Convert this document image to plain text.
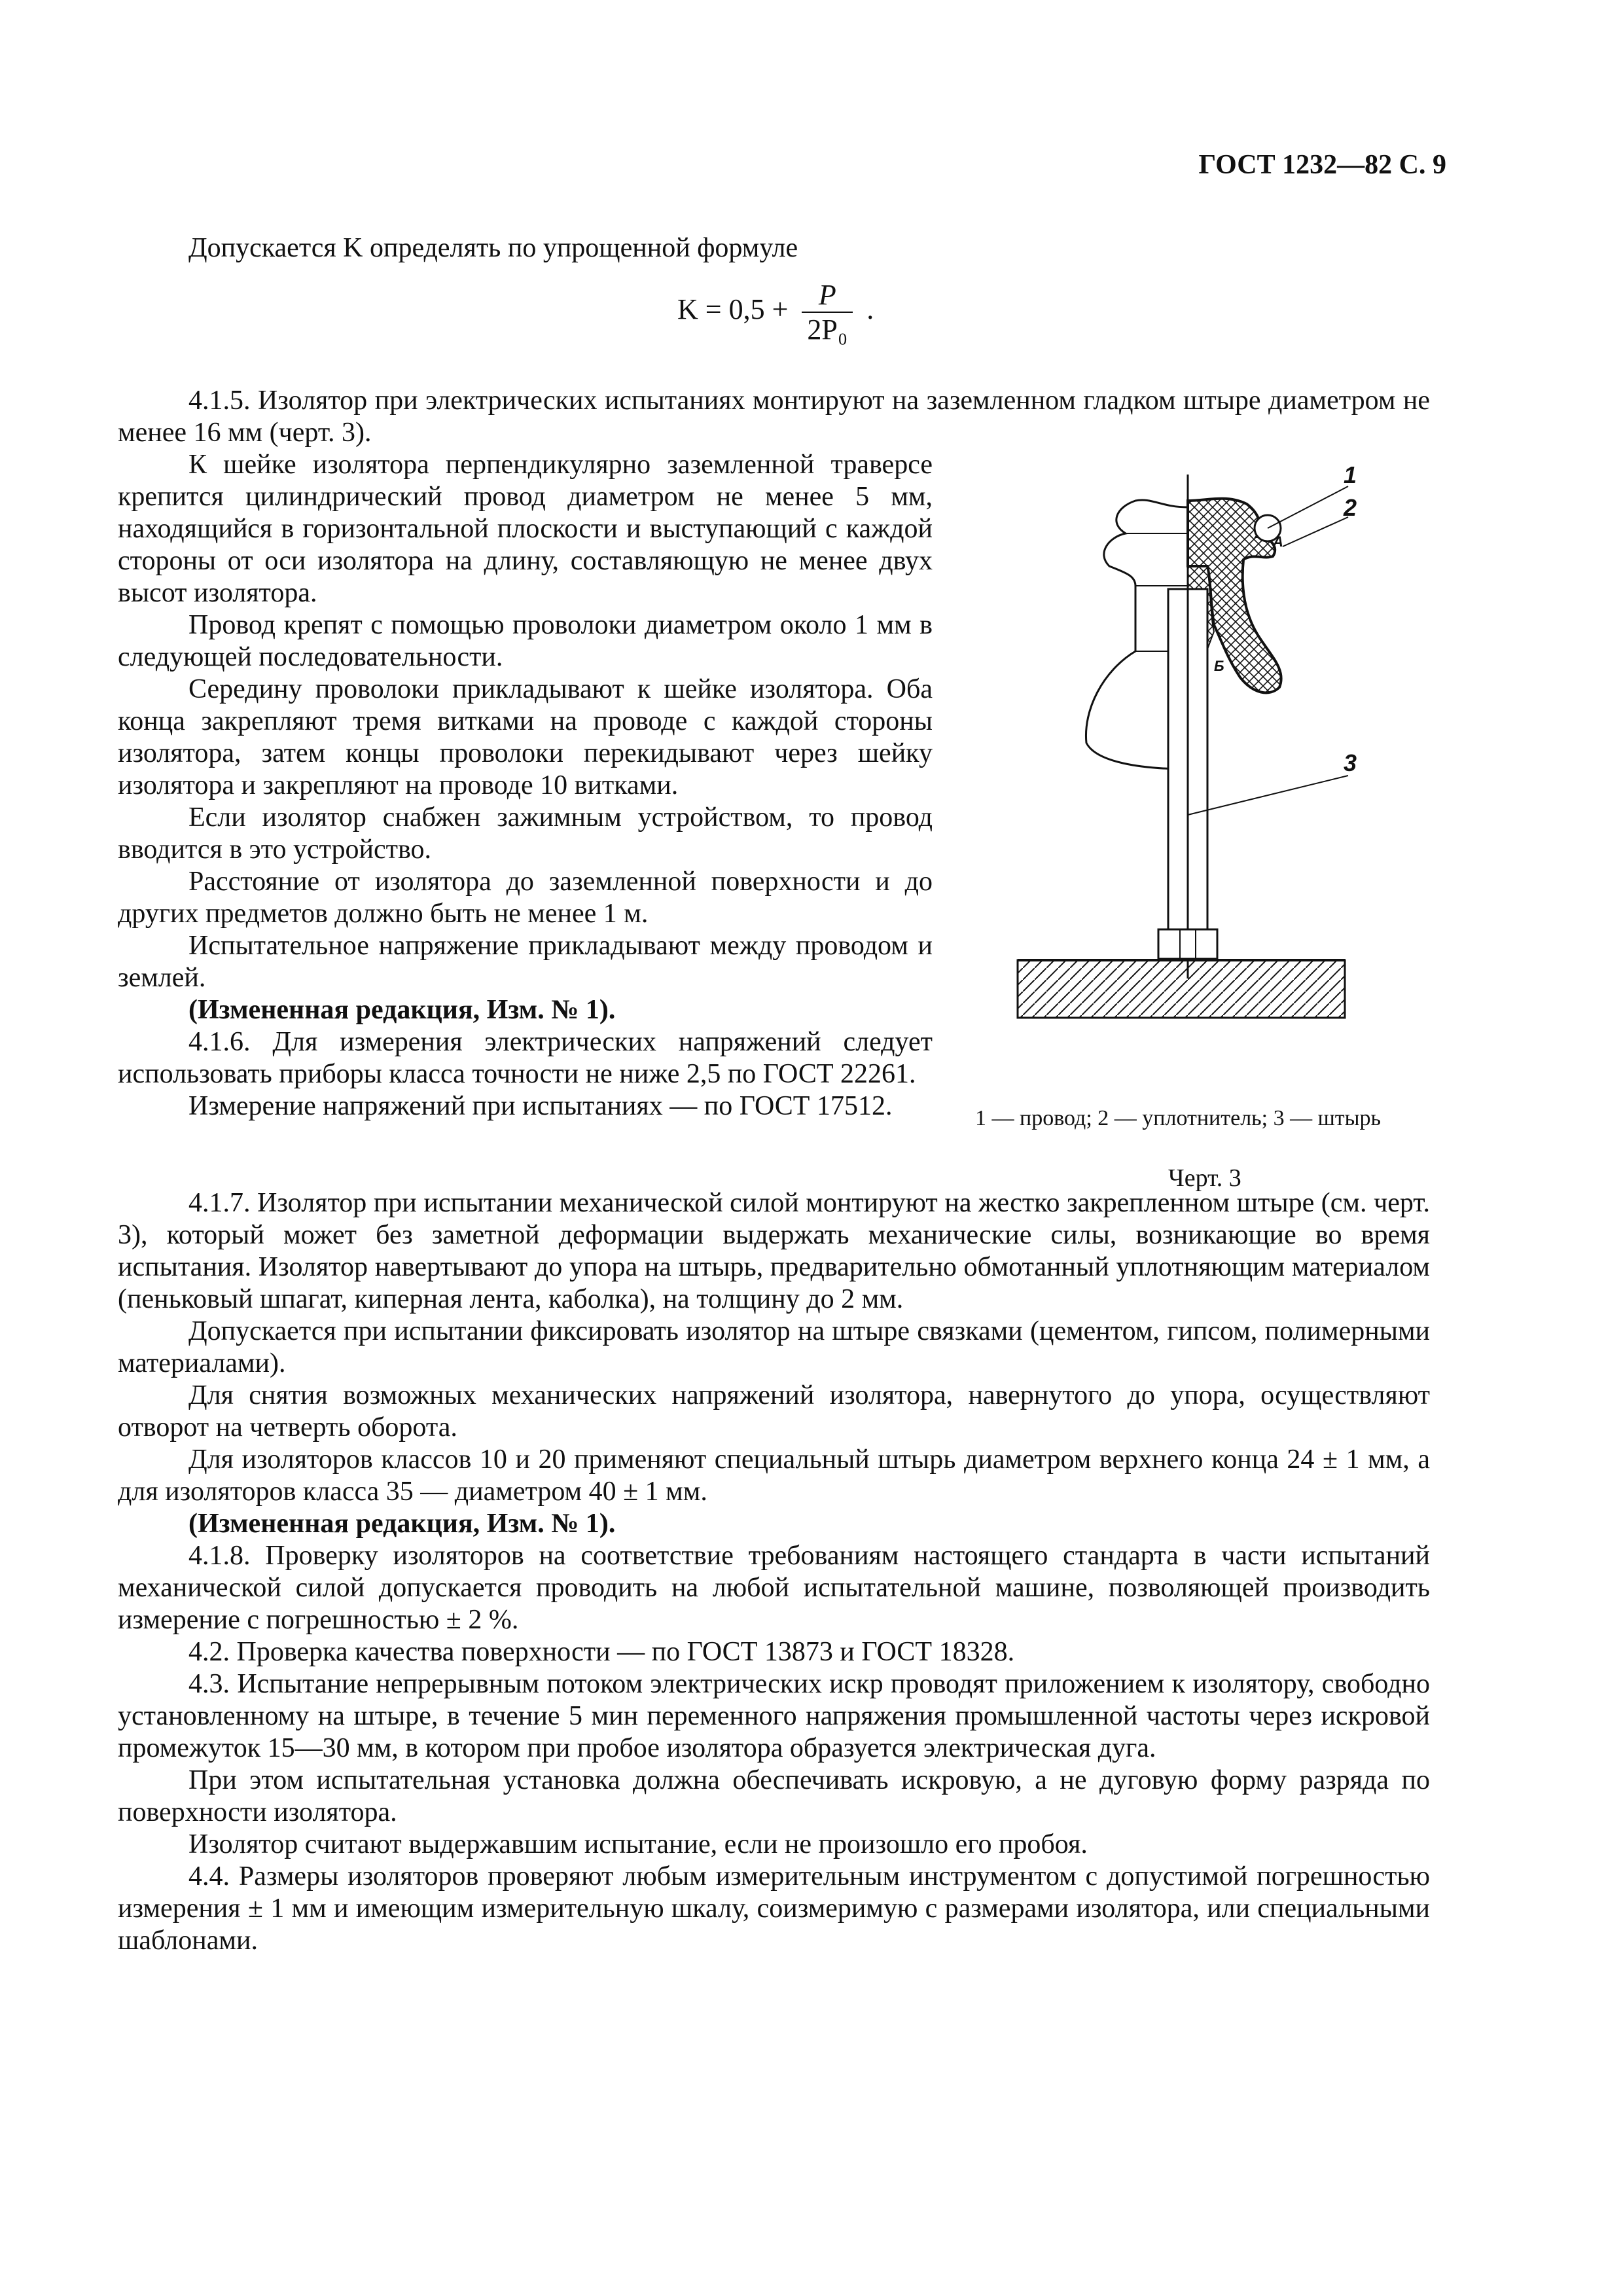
ГОСТ 1232—82 С. 9

Допускается K определять по упрощенной формуле

$K = 0,5 + \frac{P}{\text{2P₀}}$ .

4.1.5. Изолятор при электрических испытаниях монтируют на заземленном гладком штыре диаметром не менее 16 мм (черт. 3).

К шейке изолятора перпендикулярно заземленной траверсе крепится цилиндрический провод диаметром не менее 5 мм, находящийся в горизонтальной плоскости и выступающий с каждой стороны от оси изолятора на длину, составляющую не менее двух высот изолятора.

Провод крепят с помощью проволоки диаметром около 1 мм в следующей последовательности.

Середину проволоки прикладывают к шейке изолятора. Оба конца закрепляют тремя витками на проводе с каждой стороны изолятора, затем концы проволоки перекидывают через шейку изолятора и закрепляют на проводе 10 витками.

Если изолятор снабжен зажимным устройством, то провод вводится в это устройство.

Расстояние от изолятора до заземленной поверхности и до других предметов должно быть не менее 1 м.

Испытательное напряжение прикладывают между проводом и землей.

(Измененная редакция, Изм. № 1).

4.1.6. Для измерения электрических напряжений следует использовать приборы класса точности не ниже 2,5 по ГОСТ 22261.

Измерение напряжений при испытаниях — по ГОСТ 17512.

4.1.7. Изолятор при испытании механической силой монтируют на жестко закрепленном штыре (см. черт. 3), который может без заметной деформации выдержать механические силы, возникающие во время испытания. Изолятор навертывают до упора на штырь, предварительно обмотанный уплотняющим материалом (пеньковый шпагат, киперная лента, каболка), на толщину до 2 мм.

Допускается при испытании фиксировать изолятор на штыре связками (цементом, гипсом, полимерными материалами).

Для снятия возможных механических напряжений изолятора, навернутого до упора, осуществляют отворот на четверть оборота.

Для изоляторов классов 10 и 20 применяют специальный штырь диаметром верхнего конца 24 ± 1 мм, а для изоляторов класса 35 — диаметром 40 ± 1 мм.

(Измененная редакция, Изм. № 1).

4.1.8. Проверку изоляторов на соответствие требованиям настоящего стандарта в части испытаний механической силой допускается проводить на любой испытательной машине, позволяющей производить измерение с погрешностью ± 2 %.

4.2. Проверка качества поверхности — по ГОСТ 13873 и ГОСТ 18328.

4.3. Испытание непрерывным потоком электрических искр проводят приложением к изолятору, свободно установленному на штыре, в течение 5 мин переменного напряжения промышленной частоты через искровой промежуток 15—30 мм, в котором при пробое изолятора образуется электрическая дуга.

При этом испытательная установка должна обеспечивать искровую, а не дуговую форму разряда по поверхности изолятора.

Изолятор считают выдержавшим испытание, если не произошло его пробоя.

4.4. Размеры изоляторов проверяют любым измерительным инструментом с допустимой погрешностью измерения ± 1 мм и имеющим измерительную шкалу, соизмеримую с размерами изолятора, или специальными шаблонами.

1
2
3
А
Б
1 — провод; 2 — уплотнитель; 3 — штырь
Черт. 3
